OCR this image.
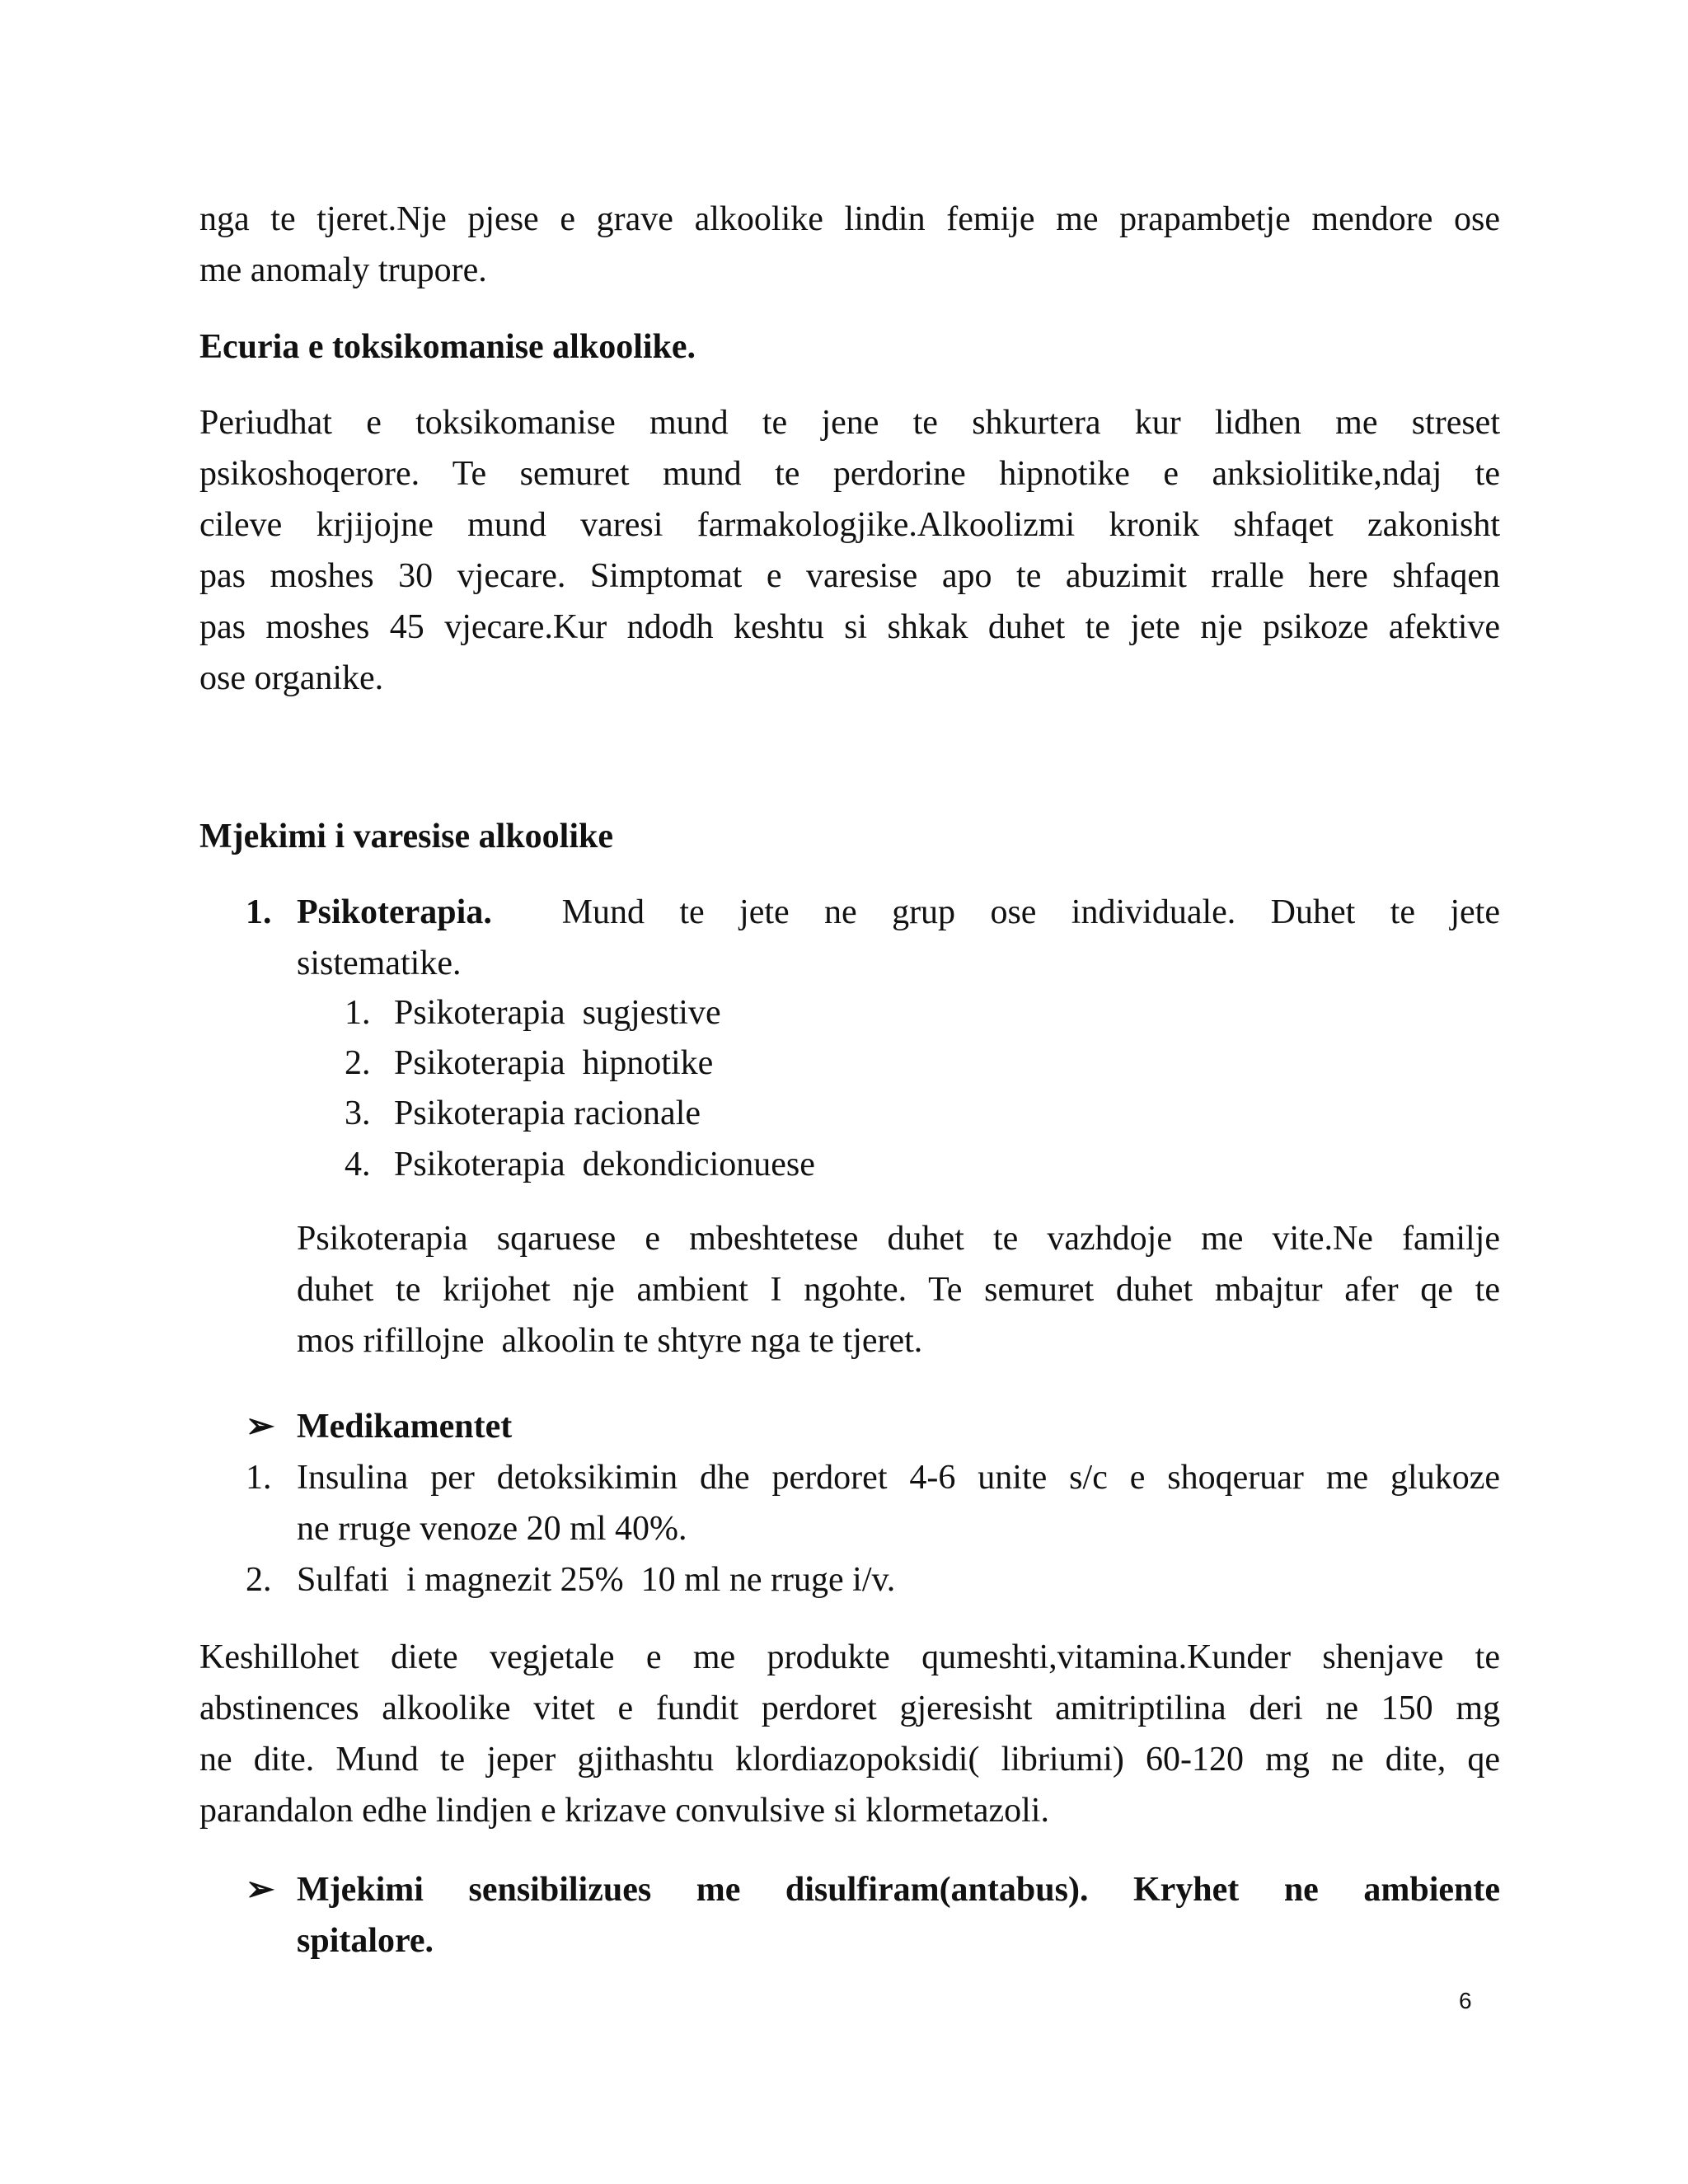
nga te tjeret.Nje pjese e grave alkoolike lindin femije me prapambetje mendore ose
me anomaly trupore.
Ecuria e toksikomanise alkoolike.
Periudhat e toksikomanise mund te jene te shkurtera kur lidhen me streset
psikoshoqerore. Te semuret mund te perdorine hipnotike e anksiolitike,ndaj te
cileve krjijojne mund varesi farmakologjike.Alkoolizmi kronik shfaqet zakonisht
pas moshes 30 vjecare. Simptomat e varesise apo te abuzimit rralle here shfaqen
pas moshes 45 vjecare.Kur ndodh keshtu si shkak duhet te jete nje psikoze afektive
ose organike.
Mjekimi i varesise alkoolike
1. Psikoterapia. Mund te jete ne grup ose individuale. Duhet te jete
sistematike.
1. Psikoterapia  sugjestive
2. Psikoterapia  hipnotike
3. Psikoterapia racionale
4. Psikoterapia  dekondicionuese
Psikoterapia sqaruese e mbeshtetese duhet te vazhdoje me vite.Ne familje
duhet te krijohet nje ambient I ngohte. Te semuret duhet mbajtur afer qe te
mos rifillojne  alkoolin te shtyre nga te tjeret.
➢ Medikamentet
1. Insulina per detoksikimin dhe perdoret 4-6 unite s/c e shoqeruar me glukoze
ne rruge venoze 20 ml 40%.
2. Sulfati  i magnezit 25%  10 ml ne rruge i/v.
Keshillohet diete vegjetale e me produkte qumeshti,vitamina.Kunder shenjave te
abstinences alkoolike vitet e fundit perdoret gjeresisht amitriptilina deri ne 150 mg
ne dite. Mund te jeper gjithashtu klordiazopoksidi( libriumi) 60-120 mg ne dite, qe
parandalon edhe lindjen e krizave convulsive si klormetazoli.
➢ Mjekimi sensibilizues me disulfiram(antabus). Kryhet ne ambiente
spitalore.
6
